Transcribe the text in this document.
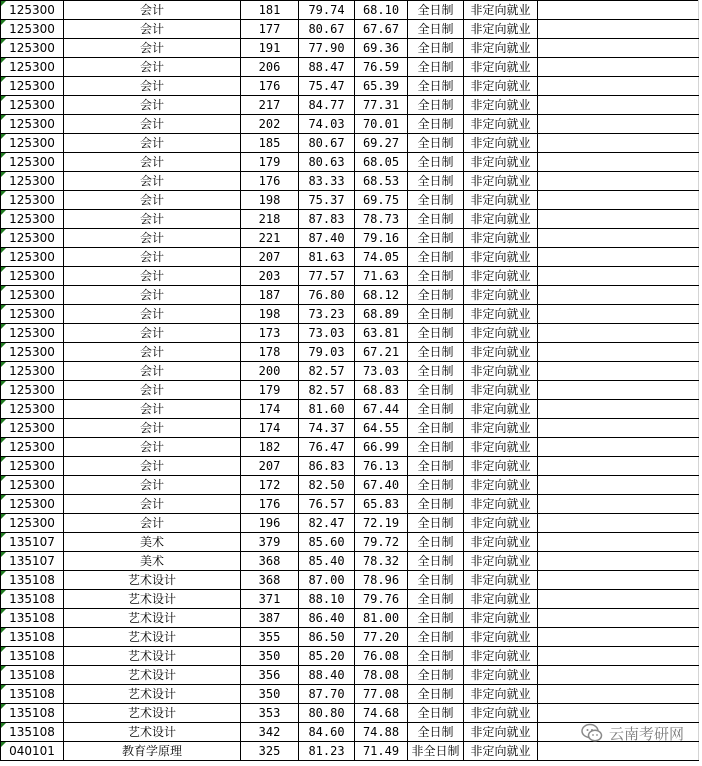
125300	会计	181	79.74	68.10	全日制	非定向就业	
125300	会计	177	80.67	67.67	全日制	非定向就业	
125300	会计	191	77.90	69.36	全日制	非定向就业	
125300	会计	206	88.47	76.59	全日制	非定向就业	
125300	会计	176	75.47	65.39	全日制	非定向就业	
125300	会计	217	84.77	77.31	全日制	非定向就业	
125300	会计	202	74.03	70.01	全日制	非定向就业	
125300	会计	185	80.67	69.27	全日制	非定向就业	
125300	会计	179	80.63	68.05	全日制	非定向就业	
125300	会计	176	83.33	68.53	全日制	非定向就业	
125300	会计	198	75.37	69.75	全日制	非定向就业	
125300	会计	218	87.83	78.73	全日制	非定向就业	
125300	会计	221	87.40	79.16	全日制	非定向就业	
125300	会计	207	81.63	74.05	全日制	非定向就业	
125300	会计	203	77.57	71.63	全日制	非定向就业	
125300	会计	187	76.80	68.12	全日制	非定向就业	
125300	会计	198	73.23	68.89	全日制	非定向就业	
125300	会计	173	73.03	63.81	全日制	非定向就业	
125300	会计	178	79.03	67.21	全日制	非定向就业	
125300	会计	200	82.57	73.03	全日制	非定向就业	
125300	会计	179	82.57	68.83	全日制	非定向就业	
125300	会计	174	81.60	67.44	全日制	非定向就业	
125300	会计	174	74.37	64.55	全日制	非定向就业	
125300	会计	182	76.47	66.99	全日制	非定向就业	
125300	会计	207	86.83	76.13	全日制	非定向就业	
125300	会计	172	82.50	67.40	全日制	非定向就业	
125300	会计	176	76.57	65.83	全日制	非定向就业	
125300	会计	196	82.47	72.19	全日制	非定向就业	
135107	美术	379	85.60	79.72	全日制	非定向就业	
135107	美术	368	85.40	78.32	全日制	非定向就业	
135108	艺术设计	368	87.00	78.96	全日制	非定向就业	
135108	艺术设计	371	88.10	79.76	全日制	非定向就业	
135108	艺术设计	387	86.40	81.00	全日制	非定向就业	
135108	艺术设计	355	86.50	77.20	全日制	非定向就业	
135108	艺术设计	350	85.20	76.08	全日制	非定向就业	
135108	艺术设计	356	88.40	78.08	全日制	非定向就业	
135108	艺术设计	350	87.70	77.08	全日制	非定向就业	
135108	艺术设计	353	80.80	74.68	全日制	非定向就业	
135108	艺术设计	342	84.60	74.88	全日制	非定向就业	
040101	教育学原理	325	81.23	71.49	非全日制	非定向就业	
云南考研网
